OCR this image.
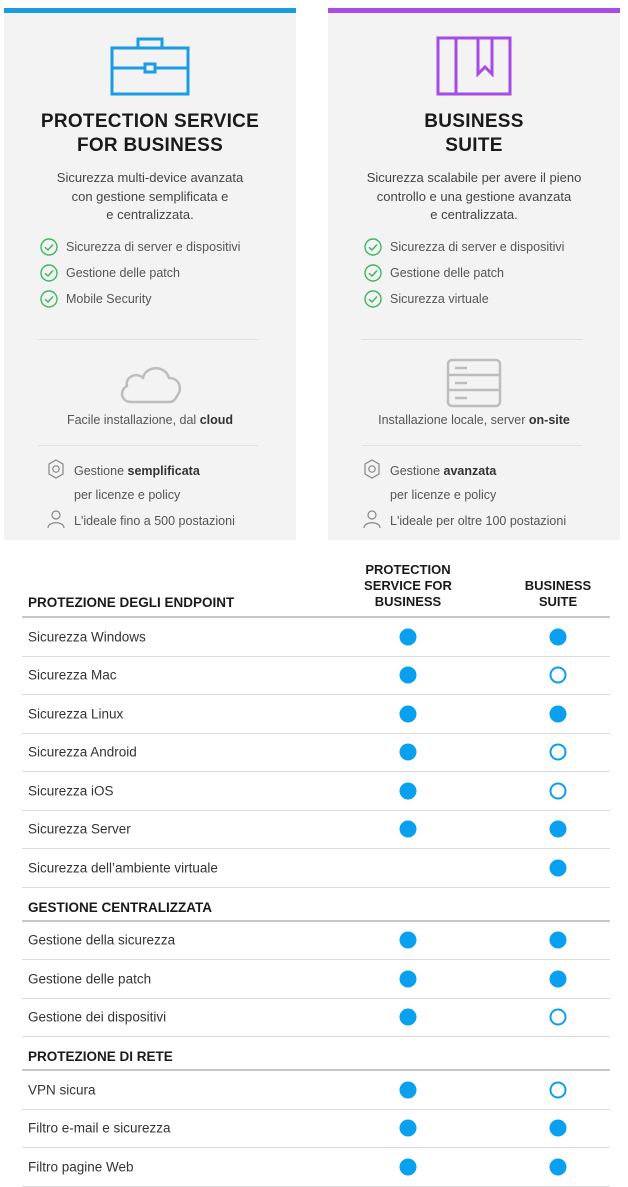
PROTECTION SERVICE
FOR BUSINESS
Sicurezza multi-device avanzata
con gestione semplificata e
e centralizzata.
Sicurezza di server e dispositivi
Gestione delle patch
Mobile Security
Facile installazione, dal cloud
Gestione semplificata
per licenze e policy
L'ideale fino a 500 postazioni
BUSINESS
SUITE
Sicurezza scalabile per avere il pieno
controllo e una gestione avanzata
e centralizzata.
Sicurezza di server e dispositivi
Gestione delle patch
Sicurezza virtuale
Installazione locale, server on-site
Gestione avanzata
per licenze e policy
L'ideale per oltre 100 postazioni
PROTEZIONE DEGLI ENDPOINT
PROTECTION
SERVICE FOR
BUSINESS
BUSINESS
SUITE
Sicurezza Windows
Sicurezza Mac
Sicurezza Linux
Sicurezza Android
Sicurezza iOS
Sicurezza Server
Sicurezza dell’ambiente virtuale
GESTIONE CENTRALIZZATA
Gestione della sicurezza
Gestione delle patch
Gestione dei dispositivi
PROTEZIONE DI RETE
VPN sicura
Filtro e-mail e sicurezza
Filtro pagine Web
